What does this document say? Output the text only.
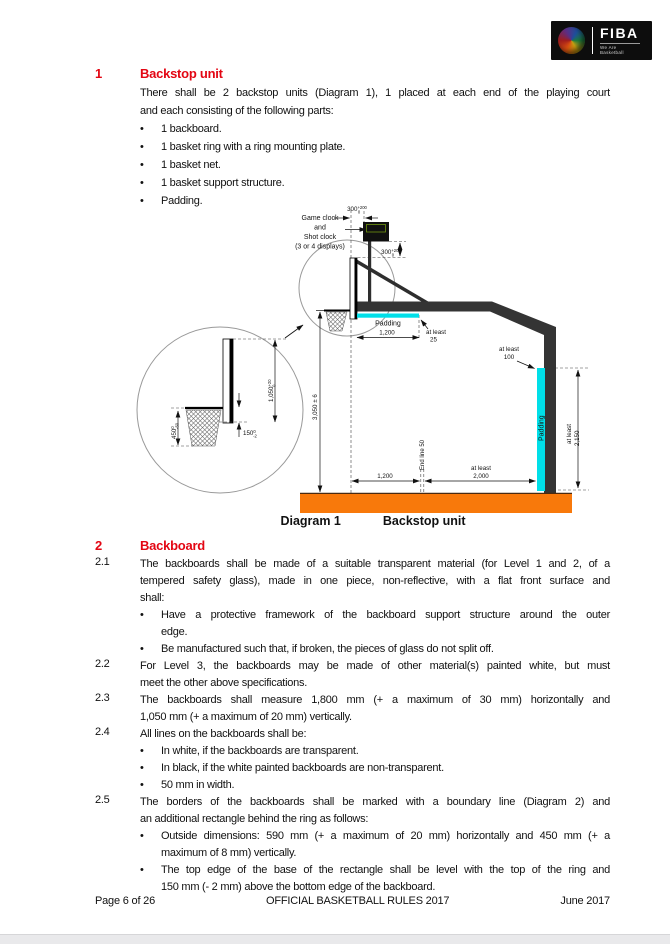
FIBA
We Are Basketball
1	Backstop unit
There shall be 2 backstop units (Diagram 1), 1 placed at each end of the playing court
and each consisting of the following parts:
•	1 backboard.
•	1 basket ring with a ring mounting plate.
•	1 basket net.
•	1 basket support structure.
•	Padding.
$1,050^{+20}0$
$450^0-50$
$150^0$ -2
8:38
24
Game clock
and
Shot clock
(3 or 4 displays)
$300^{+200}$ 0
$300^{+200}$ 0
Padding
1,200	at least
25
3,050 ± 6
at least
100
1,200
End line 50	at least
2,000
Padding	at least 2,150
Diagram 1	Backstop unit
2	Backboard
2.1	The backboards shall be made of a suitable transparent material (for Level 1 and 2, of a
tempered safety glass), made in one piece, non-reflective, with a flat front surface and
shall:
•	Have a protective framework of the backboard support structure around the outer
edge.
•	Be manufactured such that, if broken, the pieces of glass do not split off.
2.2	For Level 3, the backboards may be made of other material(s) painted white, but must
meet the other above specifications.
2.3	The backboards shall measure 1,800 mm (+ a maximum of 30 mm) horizontally and
1,050 mm (+ a maximum of 20 mm) vertically.
2.4	All lines on the backboards shall be:
•	In white, if the backboards are transparent.
•	In black, if the white painted backboards are non-transparent.
•	50 mm in width.
2.5	The borders of the backboards shall be marked with a boundary line (Diagram 2) and
an additional rectangle behind the ring as follows:
•	Outside dimensions: 590 mm (+ a maximum of 20 mm) horizontally and 450 mm (+ a
maximum of 8 mm) vertically.
•	The top edge of the base of the rectangle shall be level with the top of the ring and
150 mm (- 2 mm) above the bottom edge of the backboard.
Page 6 of 26	OFFICIAL BASKETBALL RULES 2017	June 2017
